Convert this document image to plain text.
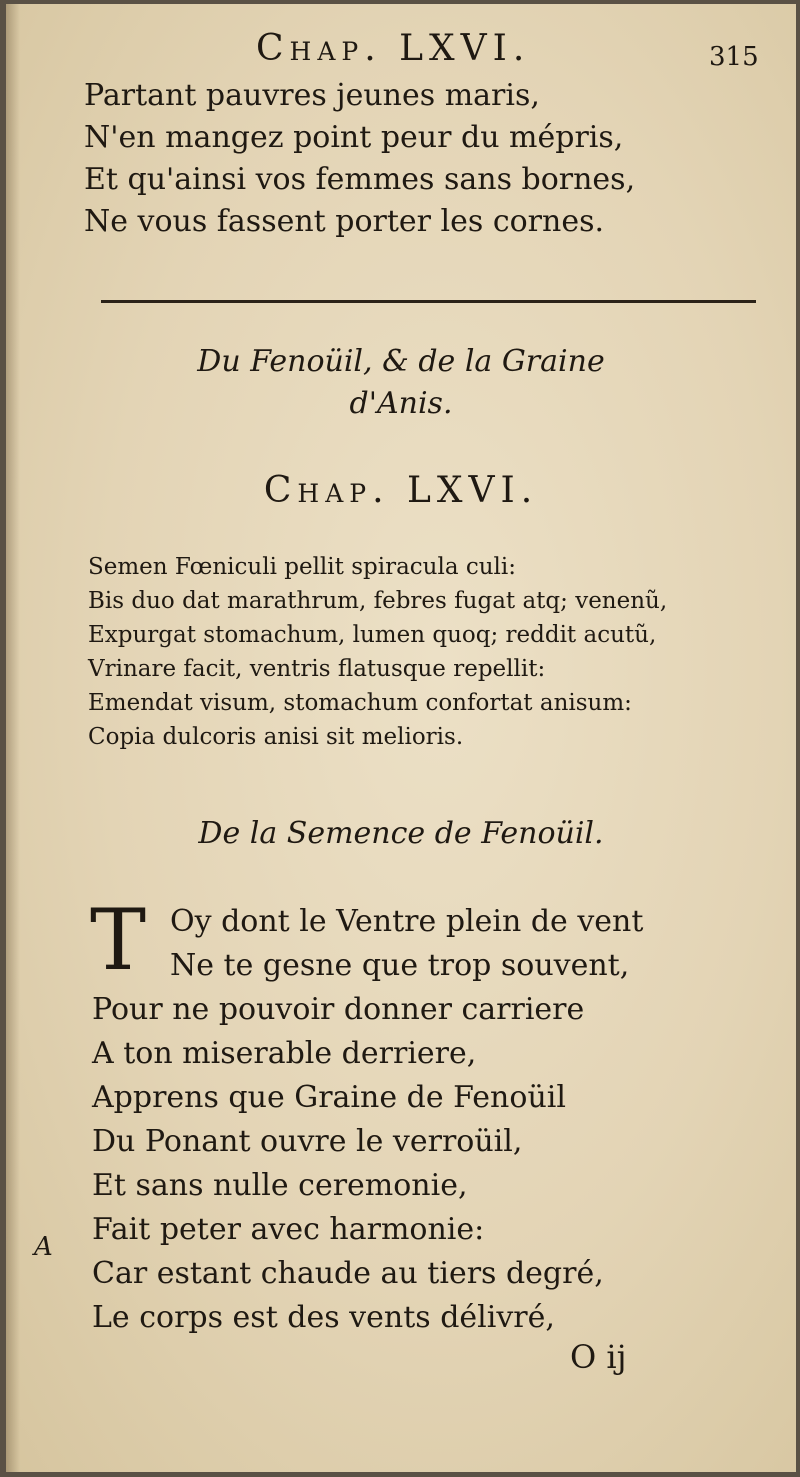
Chap. LXVI.	315
Partant pauvres jeunes maris,
N'en mangez point peur du mépris,
Et qu'ainsi vos femmes sans bornes,
Ne vous fassent porter les cornes.
Du Fenoüil, & de la Graine
d'Anis.
Chap. LXVI.
Semen Fœniculi pellit spiracula culi:
Bis duo dat marathrum, febres fugat atq; venenũ,
Expurgat stomachum, lumen quoq; reddit acutũ,
Vrinare facit, ventris flatusque repellit:
Emendat visum, stomachum confortat anisum:
Copia dulcoris anisi sit melioris.
De la Semence de Fenoüil.
T Oy dont le Ventre plein de vent
Ne te gesne que trop souvent,
Pour ne pouvoir donner carriere
A ton miserable derriere,
Apprens que Graine de Fenoüil
Du Ponant ouvre le verroüil,
Et sans nulle ceremonie,
Fait peter avec harmonie:
Car estant chaude au tiers degré,
Le corps est des vents délivré,
A
O ij
